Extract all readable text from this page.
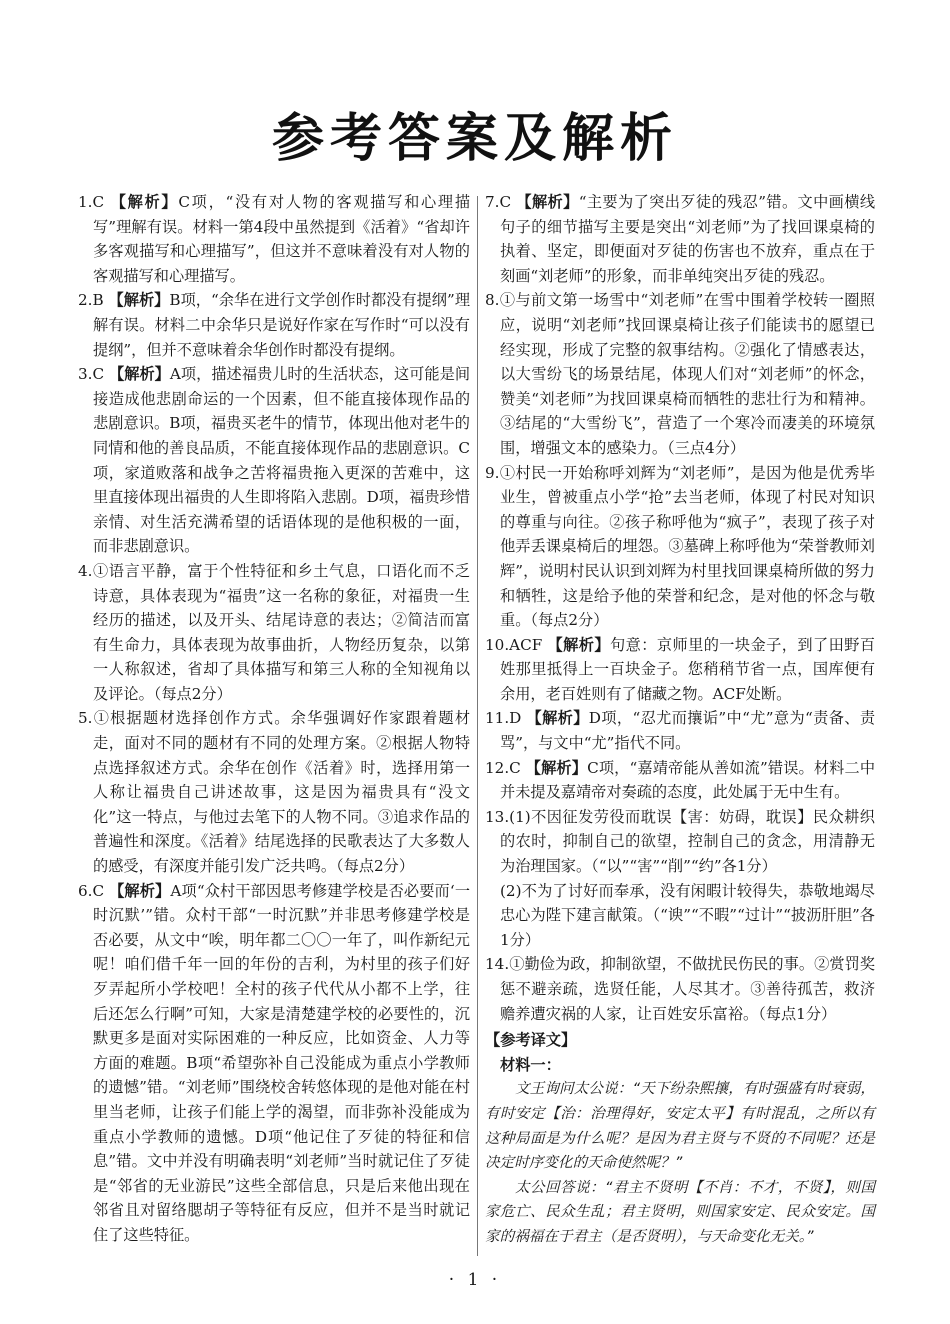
参考答案及解析
1.C 【解析】C项，“没有对人物的客观描写和心理描写”理解有误。材料一第4段中虽然提到《活着》“省却许多客观描写和心理描写”，但这并不意味着没有对人物的客观描写和心理描写。
2.B 【解析】B项，“余华在进行文学创作时都没有提纲”理解有误。材料二中余华只是说好作家在写作时“可以没有提纲”，但并不意味着余华创作时都没有提纲。
3.C 【解析】A项，描述福贵儿时的生活状态，这可能是间接造成他悲剧命运的一个因素，但不能直接体现作品的悲剧意识。B项，福贵买老牛的情节，体现出他对老牛的同情和他的善良品质，不能直接体现作品的悲剧意识。C项，家道败落和战争之苦将福贵拖入更深的苦难中，这里直接体现出福贵的人生即将陷入悲剧。D项，福贵珍惜亲情、对生活充满希望的话语体现的是他积极的一面，而非悲剧意识。
4.①语言平静，富于个性特征和乡土气息，口语化而不乏诗意，具体表现为“福贵”这一名称的象征，对福贵一生经历的描述，以及开头、结尾诗意的表达；②简洁而富有生命力，具体表现为故事曲折，人物经历复杂，以第一人称叙述，省却了具体描写和第三人称的全知视角以及评论。（每点2分）
5.①根据题材选择创作方式。余华强调好作家跟着题材走，面对不同的题材有不同的处理方案。②根据人物特点选择叙述方式。余华在创作《活着》时，选择用第一人称让福贵自己讲述故事，这是因为福贵具有“没文化”这一特点，与他过去笔下的人物不同。③追求作品的普遍性和深度。《活着》结尾选择的民歌表达了大多数人的感受，有深度并能引发广泛共鸣。（每点2分）
6.C 【解析】A项“众村干部因思考修建学校是否必要而‘一时沉默’”错。众村干部“一时沉默”并非思考修建学校是否必要，从文中“唉，明年都二〇〇一年了，叫作新纪元呢！咱们借千年一回的年份的吉利，为村里的孩子们好歹弄起所小学校吧！全村的孩子代代从小都不上学，往后还怎么行啊”可知，大家是清楚建学校的必要性的，沉默更多是面对实际困难的一种反应，比如资金、人力等方面的难题。B项“希望弥补自己没能成为重点小学教师的遗憾”错。“刘老师”围绕校舍转悠体现的是他对能在村里当老师，让孩子们能上学的渴望，而非弥补没能成为重点小学教师的遗憾。D项“他记住了歹徒的特征和信息”错。文中并没有明确表明“刘老师”当时就记住了歹徒是“邻省的无业游民”这些全部信息，只是后来他出现在邻省且对留络腮胡子等特征有反应，但并不是当时就记住了这些特征。
7.C 【解析】“主要为了突出歹徒的残忍”错。文中画横线句子的细节描写主要是突出“刘老师”为了找回课桌椅的执着、坚定，即便面对歹徒的伤害也不放弃，重点在于刻画“刘老师”的形象，而非单纯突出歹徒的残忍。
8.①与前文第一场雪中“刘老师”在雪中围着学校转一圈照应，说明“刘老师”找回课桌椅让孩子们能读书的愿望已经实现，形成了完整的叙事结构。②强化了情感表达，以大雪纷飞的场景结尾，体现人们对“刘老师”的怀念，赞美“刘老师”为找回课桌椅而牺牲的悲壮行为和精神。③结尾的“大雪纷飞”，营造了一个寒冷而凄美的环境氛围，增强文本的感染力。（三点4分）
9.①村民一开始称呼刘辉为“刘老师”，是因为他是优秀毕业生，曾被重点小学“抢”去当老师，体现了村民对知识的尊重与向往。②孩子称呼他为“疯子”，表现了孩子对他弄丢课桌椅后的埋怨。③墓碑上称呼他为“荣誉教师刘辉”，说明村民认识到刘辉为村里找回课桌椅所做的努力和牺牲，这是给予他的荣誉和纪念，是对他的怀念与敬重。（每点2分）
10.ACF 【解析】句意：京师里的一块金子，到了田野百姓那里抵得上一百块金子。您稍稍节省一点，国库便有余用，老百姓则有了储藏之物。ACF处断。
11.D 【解析】D项，“忍尤而攘诟”中“尤”意为“责备、责骂”，与文中“尤”指代不同。
12.C 【解析】C项，“嘉靖帝能从善如流”错误。材料二中并未提及嘉靖帝对奏疏的态度，此处属于无中生有。
13.(1)不因征发劳役而耽误【害：妨碍，耽误】民众耕织的农时，抑制自己的欲望，控制自己的贪念，用清静无为治理国家。（“以”“害”“削”“约”各1分）
(2)不为了讨好而奉承，没有闲暇计较得失，恭敬地竭尽忠心为陛下建言献策。（“谀”“不暇”“过计”“披沥肝胆”各1分）
14.①勤俭为政，抑制欲望，不做扰民伤民的事。②赏罚奖惩不避亲疏，选贤任能，人尽其才。③善待孤苦，救济赡养遭灾祸的人家，让百姓安乐富裕。（每点1分）
【参考译文】
材料一：
文王询问太公说：“天下纷杂熙攘，有时强盛有时衰弱，有时安定【治：治理得好，安定太平】有时混乱，之所以有这种局面是为什么呢？是因为君主贤与不贤的不同呢？还是决定时序变化的天命使然呢？”
太公回答说：“君主不贤明【不肖：不才，不贤】，则国家危亡、民众生乱；君主贤明，则国家安定、民众安定。国家的祸福在于君主（是否贤明），与天命变化无关。”
· 1 ·
